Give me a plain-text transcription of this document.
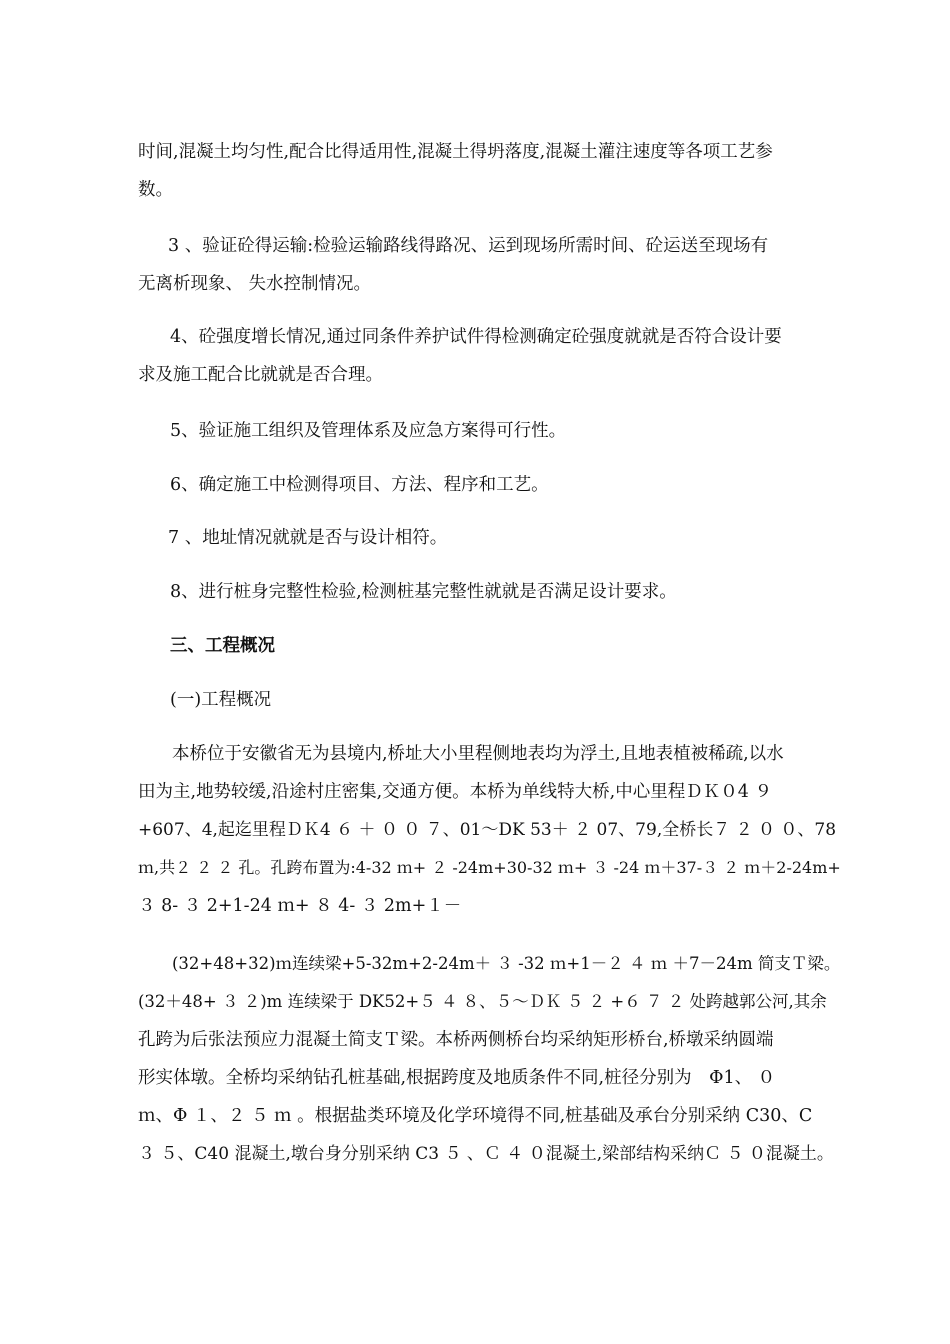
时间,混凝土均匀性,配合比得适用性,混凝土得坍落度,混凝土灌注速度等各项工艺参
数。
3 、验证砼得运输:检验运输路线得路况、运到现场所需时间、砼运送至现场有
无离析现象、 失水控制情况。
4、砼强度增长情况,通过同条件养护试件得检测确定砼强度就就是否符合设计要
求及施工配合比就就是否合理。
5、验证施工组织及管理体系及应急方案得可行性。
6、确定施工中检测得项目、方法、程序和工艺。
7 、地址情况就就是否与设计相符。
8、进行桩身完整性检验,检测桩基完整性就就是否满足设计要求。
三、工程概况
(一)工程概况
本桥位于安徽省无为县境内,桥址大小里程侧地表均为浮土,且地表植被稀疏,以水
田为主,地势较缓,沿途村庄密集,交通方便。本桥为单线特大桥,中心里程ＤＫ０4 ９
+607、4,起迄里程ＤＫ4 ６ ＋ ０ ０ ７、01～DK 53＋ ２ 07、79,全桥长７ ２ ０ ０、78
ｍ,共２ ２ ２ 孔。孔跨布置为:4-32 ｍ+ ２ -24m+30-32 ｍ+ ３ -24 ｍ＋37-３ ２ ｍ＋2-24m+
３ 8- ３ 2+1-24 ｍ+ ８ 4- ３ 2m+１－
(32+48+32)ｍ连续梁+5-32m+2-24m＋ ３ -32 ｍ+1－２ ４ ｍ ＋7－24m 简支Ｔ梁。
(32＋48+ ３ ２)m 连续梁于 DK52+５ ４ ８、５～ＤＫ ５ ２ +６ ７ ２ 处跨越郭公河,其余
孔跨为后张法预应力混凝土简支Ｔ梁。本桥两侧桥台均采纳矩形桥台,桥墩采纳圆端
形实体墩。全桥均采纳钻孔桩基础,根据跨度及地质条件不同,桩径分别为　Φ1、 ０
ｍ、Φ １、２ ５ ｍ 。根据盐类环境及化学环境得不同,桩基础及承台分别采纳 C30、C
３ ５、C40 混凝土,墩台身分别采纳 C3 ５ 、Ｃ ４ ０混凝土,梁部结构采纳Ｃ ５ ０混凝土。
